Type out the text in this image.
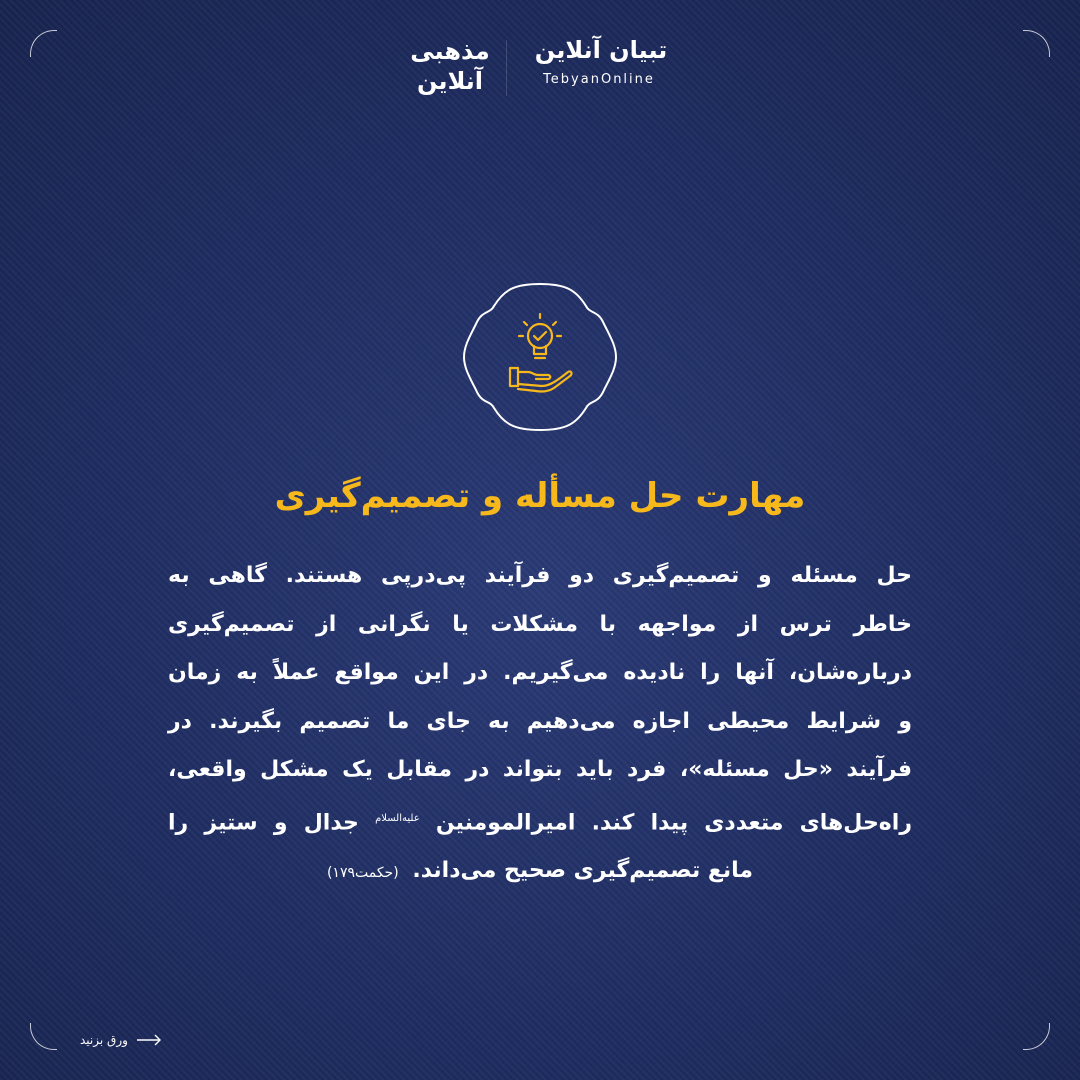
تبیان آنلاین
TebyanOnline
مذهبی
آنلاین
مهارت حل مسأله و تصمیم‌گیری
حل مسئله و تصمیم‌گیری دو فرآیند پی‌درپی هستند. گاهی به
خاطر ترس از مواجهه با مشکلات یا نگرانی از تصمیم‌گیری
درباره‌شان، آنها را نادیده می‌گیریم. در این مواقع عملاً به زمان
و شرایط محیطی اجازه می‌دهیم به جای ما تصمیم بگیرند. در
فرآیند «حل مسئله»، فرد باید بتواند در مقابل یک مشکل واقعی،
راه‌حل‌های متعددی پیدا کند. امیرالمومنین $^{علیه‌السلام}$ جدال و ستیز را
مانع تصمیم‌گیری صحیح می‌داند. (حکمت۱۷۹)
ورق بزنید
